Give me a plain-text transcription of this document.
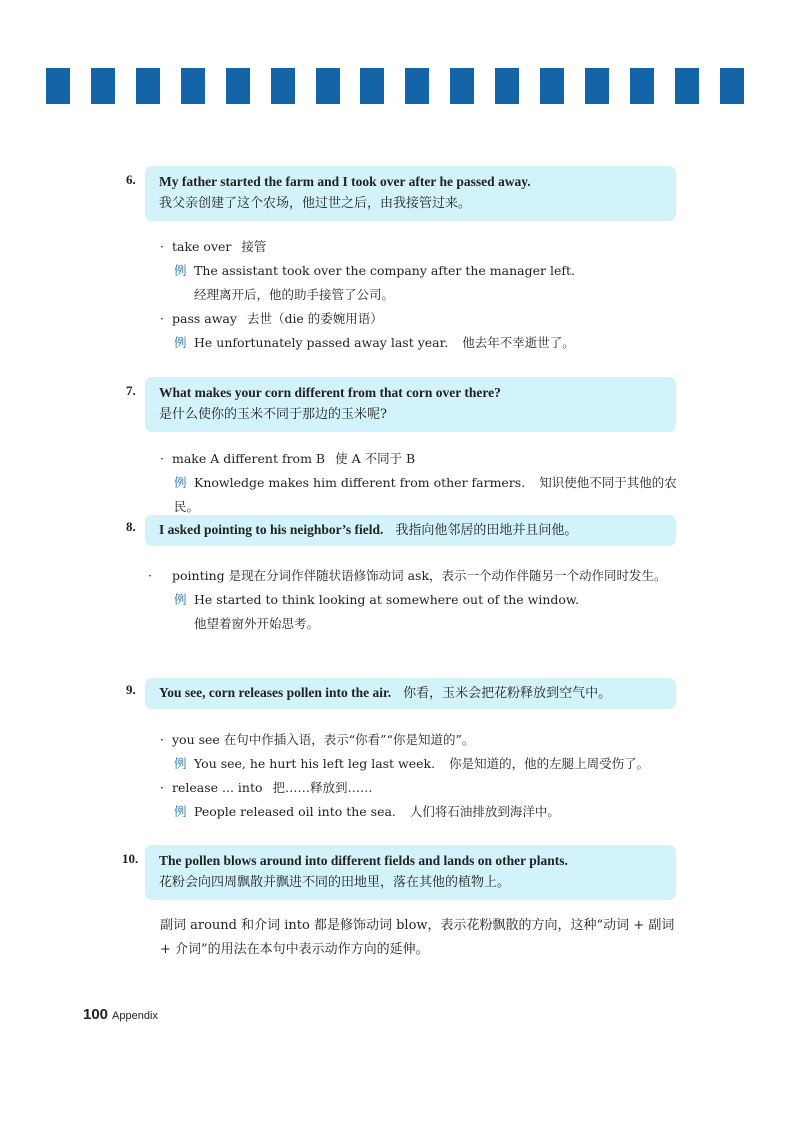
6. My father started the farm and I took over after he passed away.
我父亲创建了这个农场，他过世之后，由我接管过来。
· take over 接管
例 The assistant took over the company after the manager left.
经理离开后，他的助手接管了公司。
· pass away 去世（die 的委婉用语）
例 He unfortunately passed away last year. 他去年不幸逝世了。
7. What makes your corn different from that corn over there?
是什么使你的玉米不同于那边的玉米呢?
· make A different from B 使 A 不同于 B
例 Knowledge makes him different from other farmers. 知识使他不同于其他的农民。
8.	I asked pointing to his neighbor’s field. 我指向他邻居的田地并且问他。
· pointing 是现在分词作伴随状语修饰动词 ask，表示一个动作伴随另一个动作同时发生。
例 He started to think looking at somewhere out of the window.
他望着窗外开始思考。
9.	You see, corn releases pollen into the air. 你看，玉米会把花粉释放到空气中。
· you see 在句中作插入语，表示“你看”“你是知道的”。
例 You see, he hurt his left leg last week. 你是知道的，他的左腿上周受伤了。
· release ... into 把……释放到……
例 People released oil into the sea. 人们将石油排放到海洋中。
10. The pollen blows around into different fields and lands on other plants.
花粉会向四周飘散并飘进不同的田地里，落在其他的植物上。
副词 around 和介词 into 都是修饰动词 blow，表示花粉飘散的方向，这种“动词 + 副词 + 介词”的用法在本句中表示动作方向的延伸。
100 Appendix
